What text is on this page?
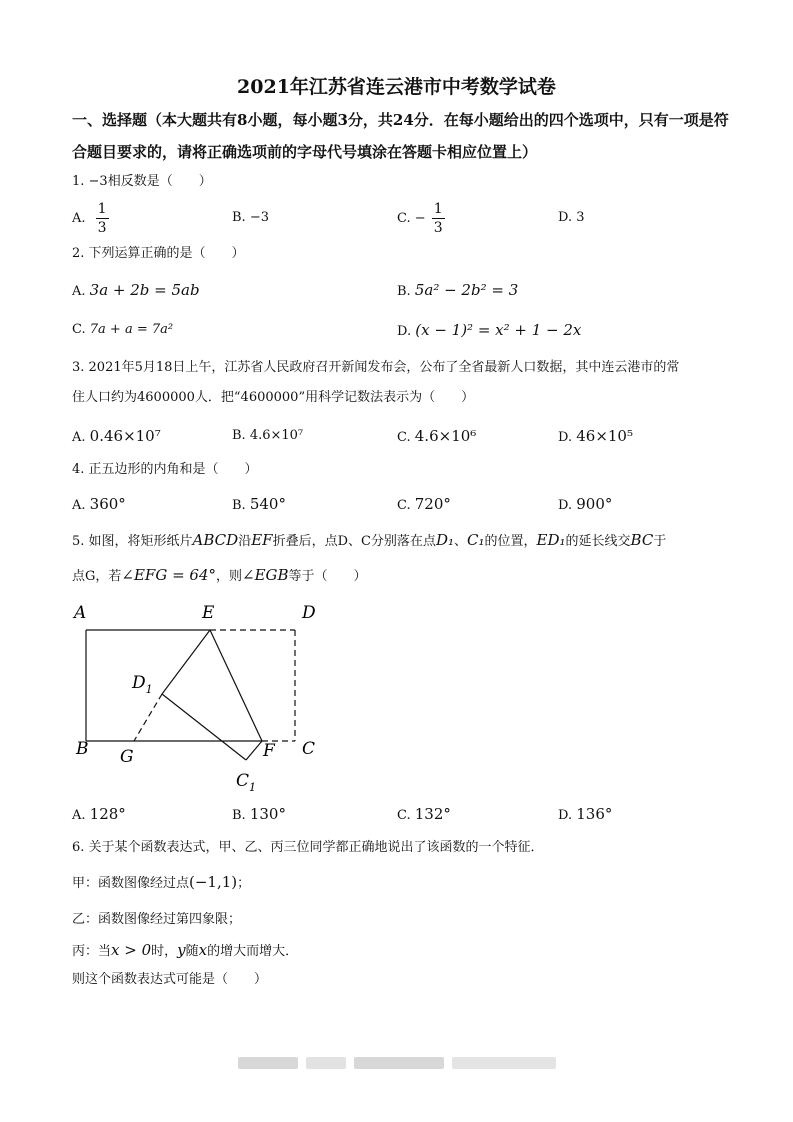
2021年江苏省连云港市中考数学试卷
一、选择题（本大题共有8小题，每小题3分，共24分．在每小题给出的四个选项中，只有一项是符合题目要求的，请将正确选项前的字母代号填涂在答题卡相应位置上）
1. −3相反数是（　　）
A. $\frac{1}{3}$	B. −3	C. − $\frac{1}{3}$	D. 3
2. 下列运算正确的是（　　）
A. 3a + 2b = 5ab	B. 5a² − 2b² = 3
C. 7a + a = 7a²	D. (x − 1)² = x² + 1 − 2x
3. 2021年5月18日上午，江苏省人民政府召开新闻发布会，公布了全省最新人口数据，其中连云港市的常
住人口约为4600000人．把“4600000”用科学记数法表示为（　　）
A. 0.46×10⁷	B. 4.6×10⁷	C. 4.6×10⁶	D. 46×10⁵
4. 正五边形的内角和是（　　）
A. 360°	B. 540°	C. 720°	D. 900°
5. 如图，将矩形纸片ABCD沿EF折叠后，点D、C分别落在点D₁、C₁的位置，ED₁的延长线交BC于
点G，若∠EFG = 64°，则∠EGB等于（　　）
A	E	D
$D_1$
B G	F C
$C_1$
A. 128°	B. 130°	C. 132°	D. 136°
6. 关于某个函数表达式，甲、乙、丙三位同学都正确地说出了该函数的一个特征．
甲：函数图像经过点(−1,1)；
乙：函数图像经过第四象限；
丙：当x > 0时，y随x的增大而增大．
则这个函数表达式可能是（　　）
